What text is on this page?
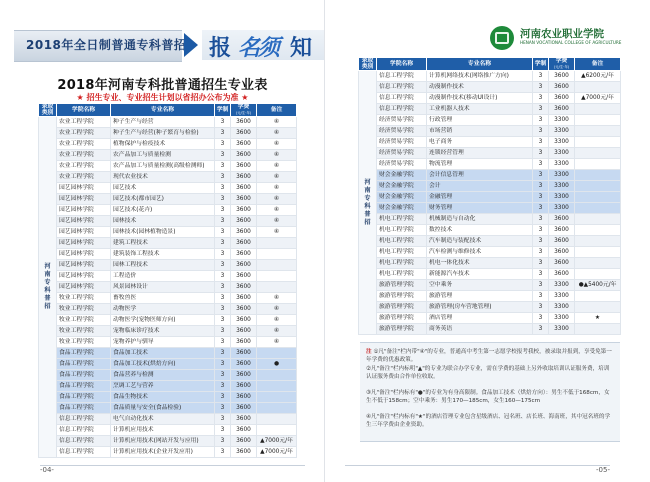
2018年全日制普通专科普招 报 名
须 知
2018年河南专科批普通招生专业表
★ 招生专业、专业招生计划以省招办公布为准 ★
录取类别	学院名称	专业名称	学制	学费
(元/生·年)	备注
河南专科普招	农业工程学院	种子生产与经营	3	3600	④
	农业工程学院	种子生产与经营(种子繁育与检验)	3	3600	④
	农业工程学院	植物保护与检疫技术	3	3600	④
	农业工程学院	农产品加工与质量检测	3	3600	④
	农业工程学院	农产品加工与质量检测(高级检测师)	3	3600	④
	农业工程学院	现代农业技术	3	3600	④
	园艺园林学院	园艺技术	3	3600	④
	园艺园林学院	园艺技术(都市园艺)	3	3600	④
	园艺园林学院	园艺技术(花卉)	3	3600	④
	园艺园林学院	园林技术	3	3600	④
	园艺园林学院	园林技术(园林植物造景)	3	3600	④
	园艺园林学院	建筑工程技术	3	3600	
	园艺园林学院	建筑装饰工程技术	3	3600	
	园艺园林学院	园林工程技术	3	3600	
	园艺园林学院	工程造价	3	3600	
	园艺园林学院	风景园林设计	3	3600	
	牧业工程学院	畜牧兽医	3	3600	④
	牧业工程学院	动物医学	3	3600	④
	牧业工程学院	动物医学(宠物医师方向)	3	3600	④
	牧业工程学院	宠物临床诊疗技术	3	3600	④
	牧业工程学院	宠物养护与驯导	3	3600	④
	食品工程学院	食品加工技术	3	3600	
	食品工程学院	食品加工技术(烘焙方向)	3	3600	●
	食品工程学院	食品营养与检测	3	3600	
	食品工程学院	烹调工艺与营养	3	3600	
	食品工程学院	食品生物技术	3	3600	
	食品工程学院	食品质量与安全(食品检验)	3	3600	
	信息工程学院	电气自动化技术	3	3600	
	信息工程学院	计算机应用技术	3	3600	
	信息工程学院	计算机应用技术(网站开发与应用)	3	3600	▲7000元/年
	信息工程学院	计算机应用技术(企业开发应用)	3	3600	▲7000元/年
-04-
河南农业职业学院
HENAN VOCATIONAL COLLEGE OF AGRICULTURE
录取类别	学院名称	专业名称	学制	学费
(元/生·年)	备注
河南专科普招	信息工程学院	计算机网络技术(网络推广方向)	3	3600	▲6200元/年
	信息工程学院	动漫制作技术	3	3600	
	信息工程学院	动漫制作技术(移动UI设计)	3	3600	▲7000元/年
	信息工程学院	工业机器人技术	3	3600	
	经济贸易学院	行政管理	3	3300	
	经济贸易学院	市场营销	3	3300	
	经济贸易学院	电子商务	3	3300	
	经济贸易学院	连锁经营管理	3	3300	
	经济贸易学院	物流管理	3	3300	
	财会金融学院	会计信息管理	3	3300	
	财会金融学院	会计	3	3300	
	财会金融学院	金融管理	3	3300	
	财会金融学院	财务管理	3	3300	
	机电工程学院	机械制造与自动化	3	3600	
	机电工程学院	数控技术	3	3600	
	机电工程学院	汽车制造与装配技术	3	3600	
	机电工程学院	汽车检测与维修技术	3	3600	
	机电工程学院	机电一体化技术	3	3600	
	机电工程学院	新能源汽车技术	3	3600	
	旅游管理学院	空中乘务	3	3300	●▲5400元/年
	旅游管理学院	旅游管理	3	3300	
	旅游管理学院	旅游管理(房车营地管理)	3	3300	
	旅游管理学院	酒店管理	3	3300	★
	旅游管理学院	商务英语	3	3300	

注 ①凡"备注"栏内带"④"的专业，普通高中考生第一志愿学校报考我校，被录取并报到，享受免第一年学费的优惠政策。

②凡"备注"栏内标明"▲"的专业为联合办学专业，需在学费的基础上另外收取培训认证服务费，培训认证服务费由合作单位收取。

③凡"备注"栏内标有"●"的专业为有身高限制。食品加工技术（烘焙方向）：男生不低于168cm，女生不低于158cm；空中乘务：男生170—185cm，女生160—175cm

④凡"备注"栏内标有"★"的酒店管理专业包含星级酒店、冠名班、店长班、海南班，其中冠名班的学生三年学费由企业资助。

-05-
